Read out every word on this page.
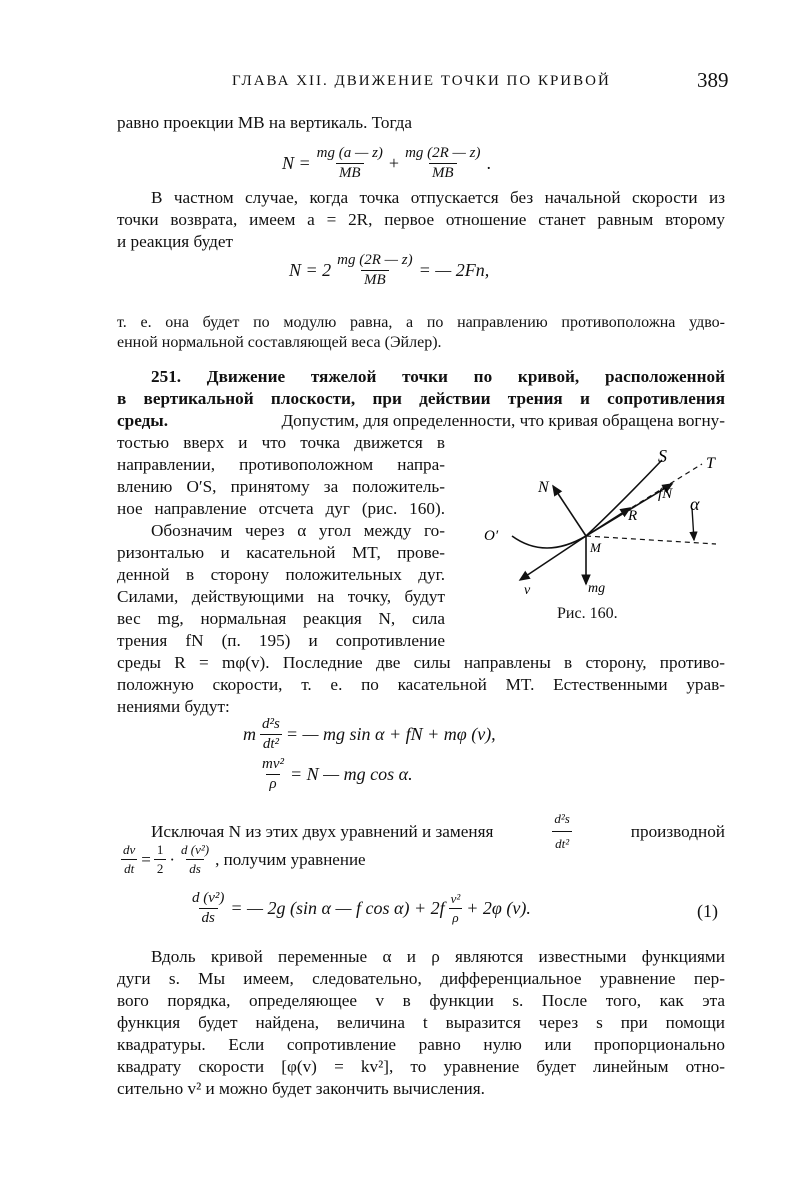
ГЛАВА XII. ДВИЖЕНИЕ ТОЧКИ ПО КРИВОЙ	389
равно проекции MB на вертикаль. Тогда
$N = \frac{mg (a — z)}{MB} + \frac{mg (2R — z)}{MB}$ .
В частном случае, когда точка отпускается без начальной скорости из
точки возврата, имеем a = 2R, первое отношение станет равным второму
и реакция будет
$N = 2 \frac{mg (2R — z)}{MB}$ = — 2Fn,
т. е. она будет по модулю равна, а по направлению противоположна удво-
енной нормальной составляющей веса (Эйлер).
251. Движение тяжелой точки по кривой, расположенной
в вертикальной плоскости, при действии трения и сопротивления
среды.	Допустим, для определенности, что кривая обращена вогну-
тостью вверх и что точка движется в
направлении, противоположном напра-
влению O′S, принятому за положитель-
ное направление отсчета дуг (рис. 160).
Обозначим через α угол между го-
ризонталью и касательной MT, прове-
денной в сторону положительных дуг.
Силами, действующими на точку, будут
вес mg, нормальная реакция N, сила
трения fN (п. 195) и сопротивление
S T
N	fN
R
α
O′
M
v	mg
Рис. 160.
среды R = mφ(v). Последние две силы направлены в сторону, противо-
положную скорости, т. е. по касательной MT. Естественными урав-
нениями будут:
m $\frac{\text{d²s}}{\text{dt²}}$ = — mg sin α + fN + mφ (v),
$\frac{\text{mv²}}{\rho} = N$ — mg cos α.
Исключая N из этих двух уравнений и заменяя	$\frac{\text{d²s}}{\text{dt²}}$	производной
$\frac{dv}{dt} = \frac{1}{2} \cdot \frac{\text{d (v²)}}{ds}$ , получим уравнение
$\frac{\text{d (v²)}}{ds}$ = — 2g (sin α — f $\cos \alpha) + 2f \frac{\text{v²}}{\rho} + 2\varphi$ (v).	(1)
Вдоль кривой переменные α и ρ являются известными функциями
дуги s. Мы имеем, следовательно, дифференциальное уравнение пер-
вого порядка, определяющее v в функции s. После того, как эта
функция будет найдена, величина t выразится через s при помощи
квадратуры. Если сопротивление равно нулю или пропорционально
квадрату скорости [φ(v) = kv²], то уравнение будет линейным отно-
сительно v² и можно будет закончить вычисления.
